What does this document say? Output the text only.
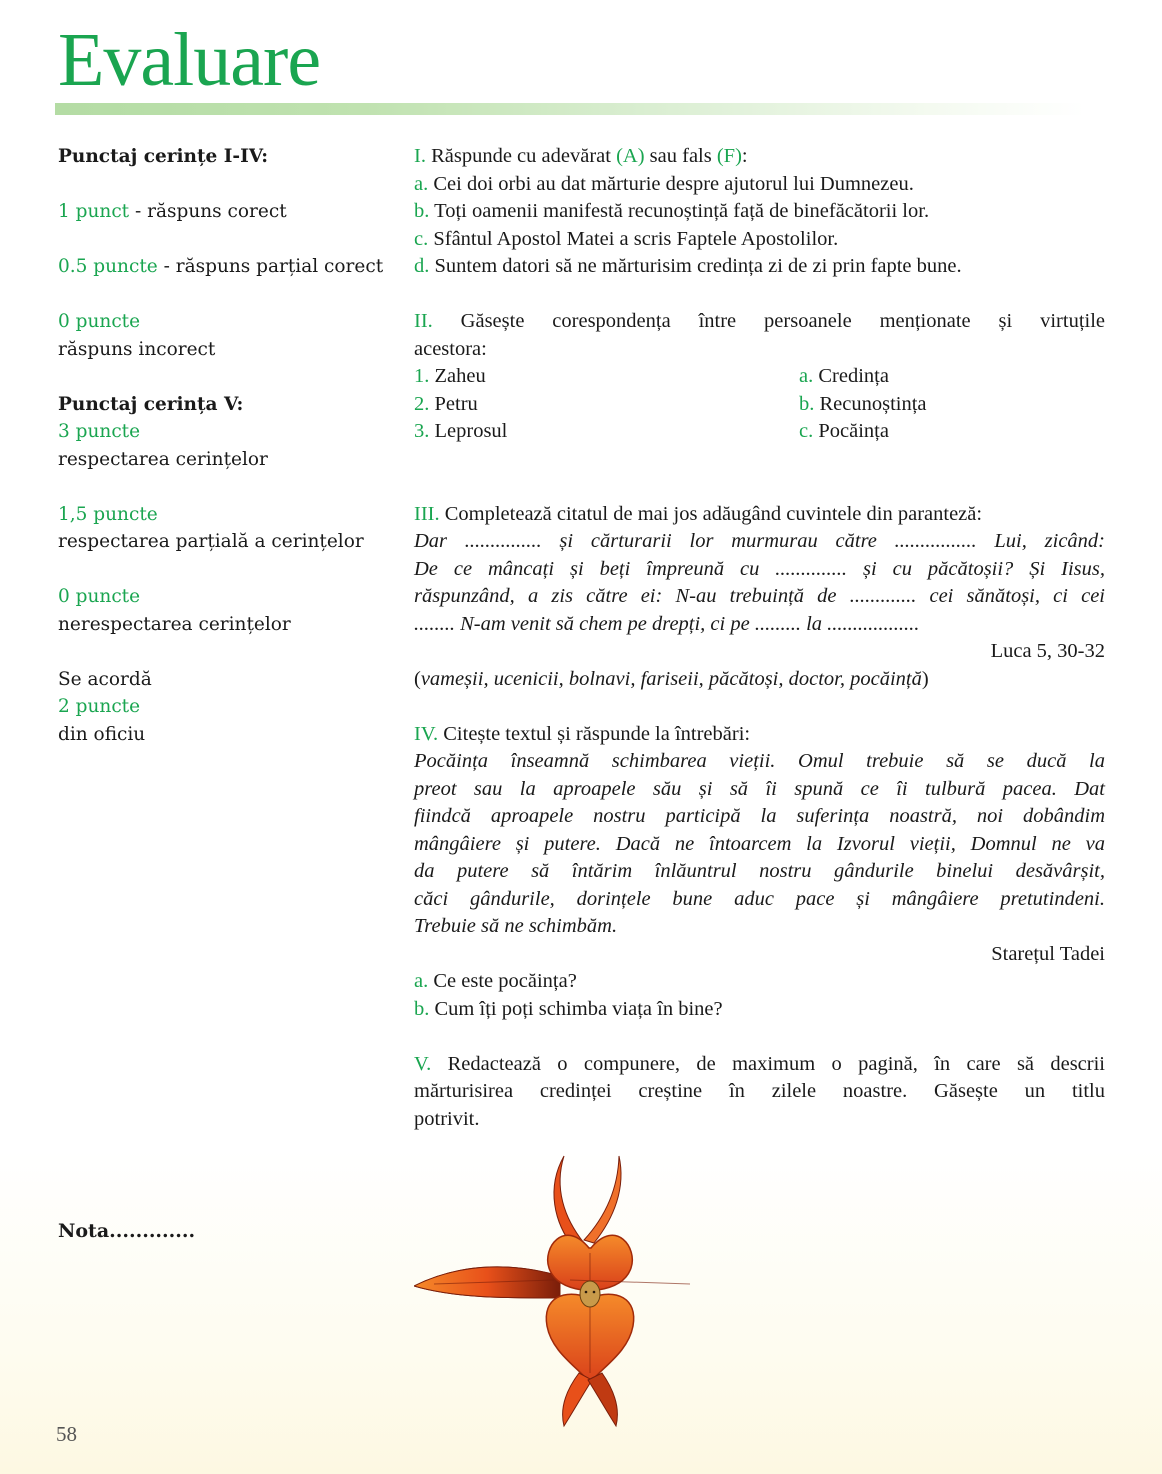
Evaluare
Punctaj cerințe I-IV:
1 punct - răspuns corect
0.5 puncte - răspuns parțial corect
0 puncte
răspuns incorect
Punctaj cerința V:
3 puncte
respectarea cerințelor
1,5 puncte
respectarea parțială a cerințelor
0 puncte
nerespectarea cerințelor
Se acordă
2 puncte
din oficiu
Nota.............
I. Răspunde cu adevărat (A) sau fals (F):
a. Cei doi orbi au dat mărturie despre ajutorul lui Dumnezeu.
b. Toți oamenii manifestă recunoștință față de binefăcătorii lor.
c. Sfântul Apostol Matei a scris Faptele Apostolilor.
d. Suntem datori să ne mărturisim credința zi de zi prin fapte bune.
II. Găsește corespondența între persoanele menționate și virtuțile
acestora:
1. Zaheu	a. Credința
2. Petru	b. Recunoștința
3. Leprosul	c. Pocăința
III. Completează citatul de mai jos adăugând cuvintele din paranteză:
Dar ............... și cărturarii lor murmurau către ................ Lui, zicând:
De ce mâncați și beți împreună cu .............. și cu păcătoșii? Și Iisus,
răspunzând, a zis către ei: N-au trebuință de ............. cei sănătoși, ci cei
........ N-am venit să chem pe drepți, ci pe ......... la ..................
Luca 5, 30-32
(vameșii, ucenicii, bolnavi, fariseii, păcătoși, doctor, pocăință)
IV. Citește textul și răspunde la întrebări:
Pocăința înseamnă schimbarea vieții. Omul trebuie să se ducă la
preot sau la aproapele său și să îi spună ce îi tulbură pacea. Dat
fiindcă aproapele nostru participă la suferința noastră, noi dobândim
mângâiere și putere. Dacă ne întoarcem la Izvorul vieții, Domnul ne va
da putere să întărim înlăuntrul nostru gândurile binelui desăvârșit,
căci gândurile, dorințele bune aduc pace și mângâiere pretutindeni.
Trebuie să ne schimbăm.
Starețul Tadei
a. Ce este pocăința?
b. Cum îți poți schimba viața în bine?
V. Redactează o compunere, de maximum o pagină, în care să descrii
mărturisirea credinței creștine în zilele noastre. Găsește un titlu
potrivit.
58
